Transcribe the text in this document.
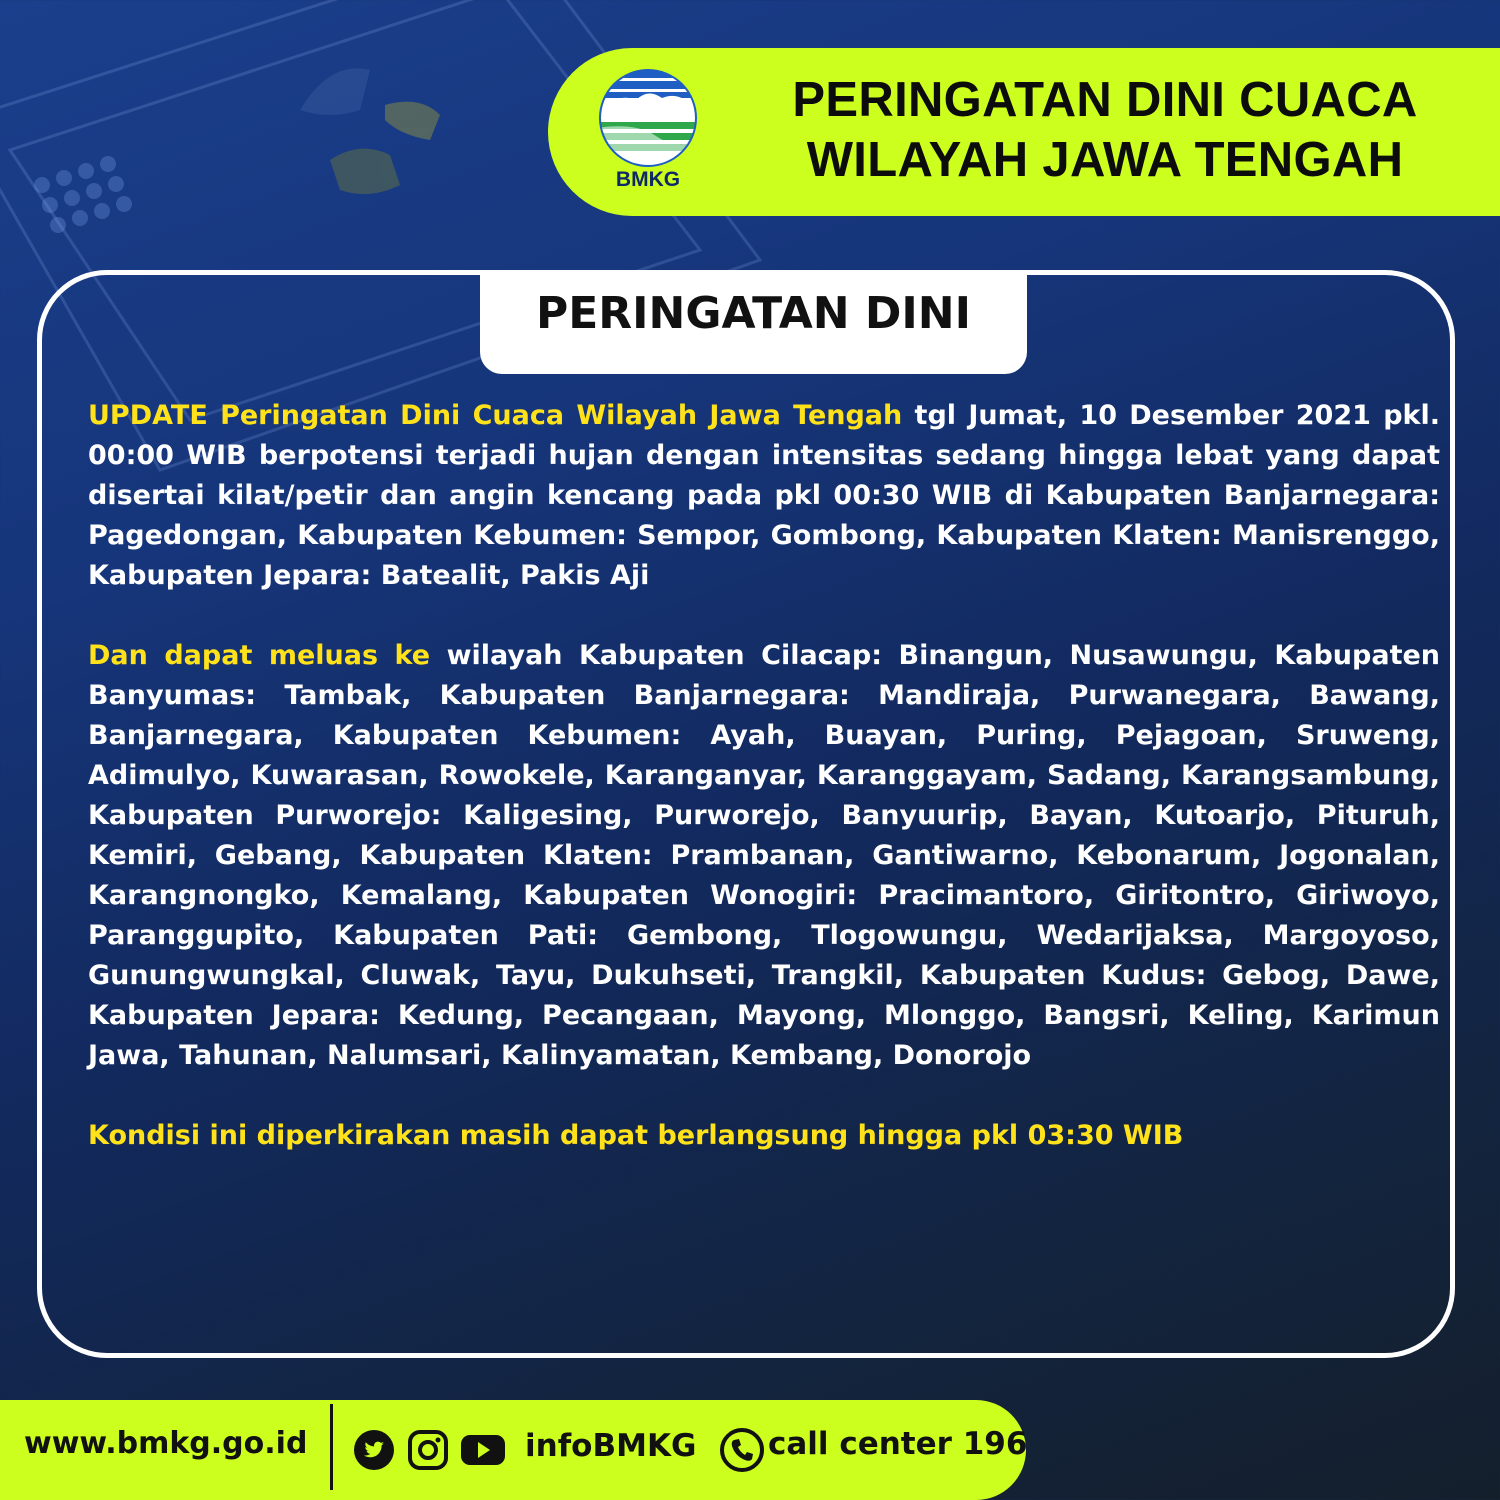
BMKG
PERINGATAN DINI CUACA
WILAYAH JAWA TENGAH
PERINGATAN DINI

UPDATE Peringatan Dini Cuaca Wilayah Jawa Tengah tgl Jumat, 10 Desember 2021 pkl. 00:00 WIB berpotensi terjadi hujan dengan intensitas sedang hingga lebat yang dapat disertai kilat/petir dan angin kencang pada pkl 00:30 WIB di Kabupaten Banjarnegara: Pagedongan, Kabupaten Kebumen: Sempor, Gombong, Kabupaten Klaten: Manisrenggo, Kabupaten Jepara: Batealit, Pakis Aji

Dan dapat meluas ke wilayah Kabupaten Cilacap: Binangun, Nusawungu, Kabupaten Banyumas: Tambak, Kabupaten Banjarnegara: Mandiraja, Purwanegara, Bawang, Banjarnegara, Kabupaten Kebumen: Ayah, Buayan, Puring, Pejagoan, Sruweng, Adimulyo, Kuwarasan, Rowokele, Karanganyar, Karanggayam, Sadang, Karangsambung, Kabupaten Purworejo: Kaligesing, Purworejo, Banyuurip, Bayan, Kutoarjo, Pituruh, Kemiri, Gebang, Kabupaten Klaten: Prambanan, Gantiwarno, Kebonarum, Jogonalan, Karangnongko, Kemalang, Kabupaten Wonogiri: Pracimantoro, Giritontro, Giriwoyo, Paranggupito, Kabupaten Pati: Gembong, Tlogowungu, Wedarijaksa, Margoyoso, Gunungwungkal, Cluwak, Tayu, Dukuhseti, Trangkil, Kabupaten Kudus: Gebog, Dawe, Kabupaten Jepara: Kedung, Pecangaan, Mayong, Mlonggo, Bangsri, Keling, Karimun Jawa, Tahunan, Nalumsari, Kalinyamatan, Kembang, Donorojo

Kondisi ini diperkirakan masih dapat berlangsung hingga pkl 03:30 WIB

www.bmkg.go.id	infoBMKG call center 196
